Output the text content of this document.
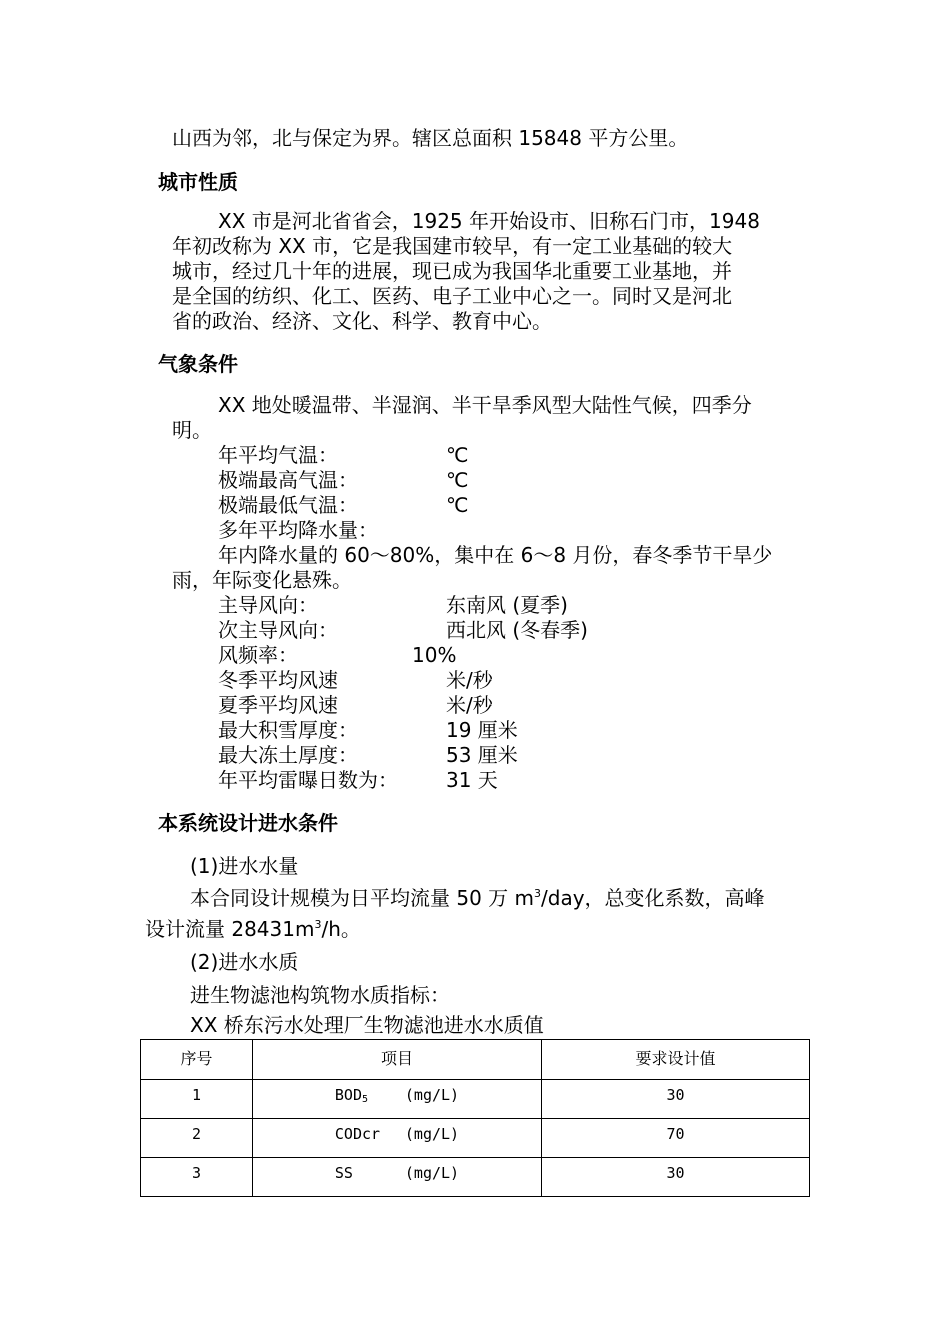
山西为邻，北与保定为界。辖区总面积 15848 平方公里。
城市性质
XX 市是河北省省会，1925 年开始设市、旧称石门市，1948
年初改称为 XX 市，它是我国建市较早，有一定工业基础的较大
城市，经过几十年的进展，现已成为我国华北重要工业基地，并
是全国的纺织、化工、医药、电子工业中心之一。同时又是河北
省的政治、经济、文化、科学、教育中心。
气象条件
XX 地处暖温带、半湿润、半干旱季风型大陆性气候，四季分
明。
年平均气温：	℃
极端最高气温：	℃
极端最低气温：	℃
多年平均降水量：
年内降水量的 60～80%，集中在 6～8 月份，春冬季节干旱少
雨，年际变化悬殊。
主导风向：	东南风 (夏季)
次主导风向：	西北风 (冬春季)
风频率：	10%
冬季平均风速	米/秒
夏季平均风速	米/秒
最大积雪厚度：	19 厘米
最大冻土厚度：	53 厘米
年平均雷曝日数为： 31 天
本系统设计进水条件
(1)进水水量
本合同设计规模为日平均流量 50 万 $m^3$/day，总变化系数，高峰
设计流量 $28431m^3/h$。
(2)进水水质
进生物滤池构筑物水质指标：
XX 桥东污水处理厂生物滤池进水水质值
序号	项目	要求设计值
1	$BOD_5$ (mg/L)	30
2	CODcr (mg/L)	70
3	SS (mg/L)	30
